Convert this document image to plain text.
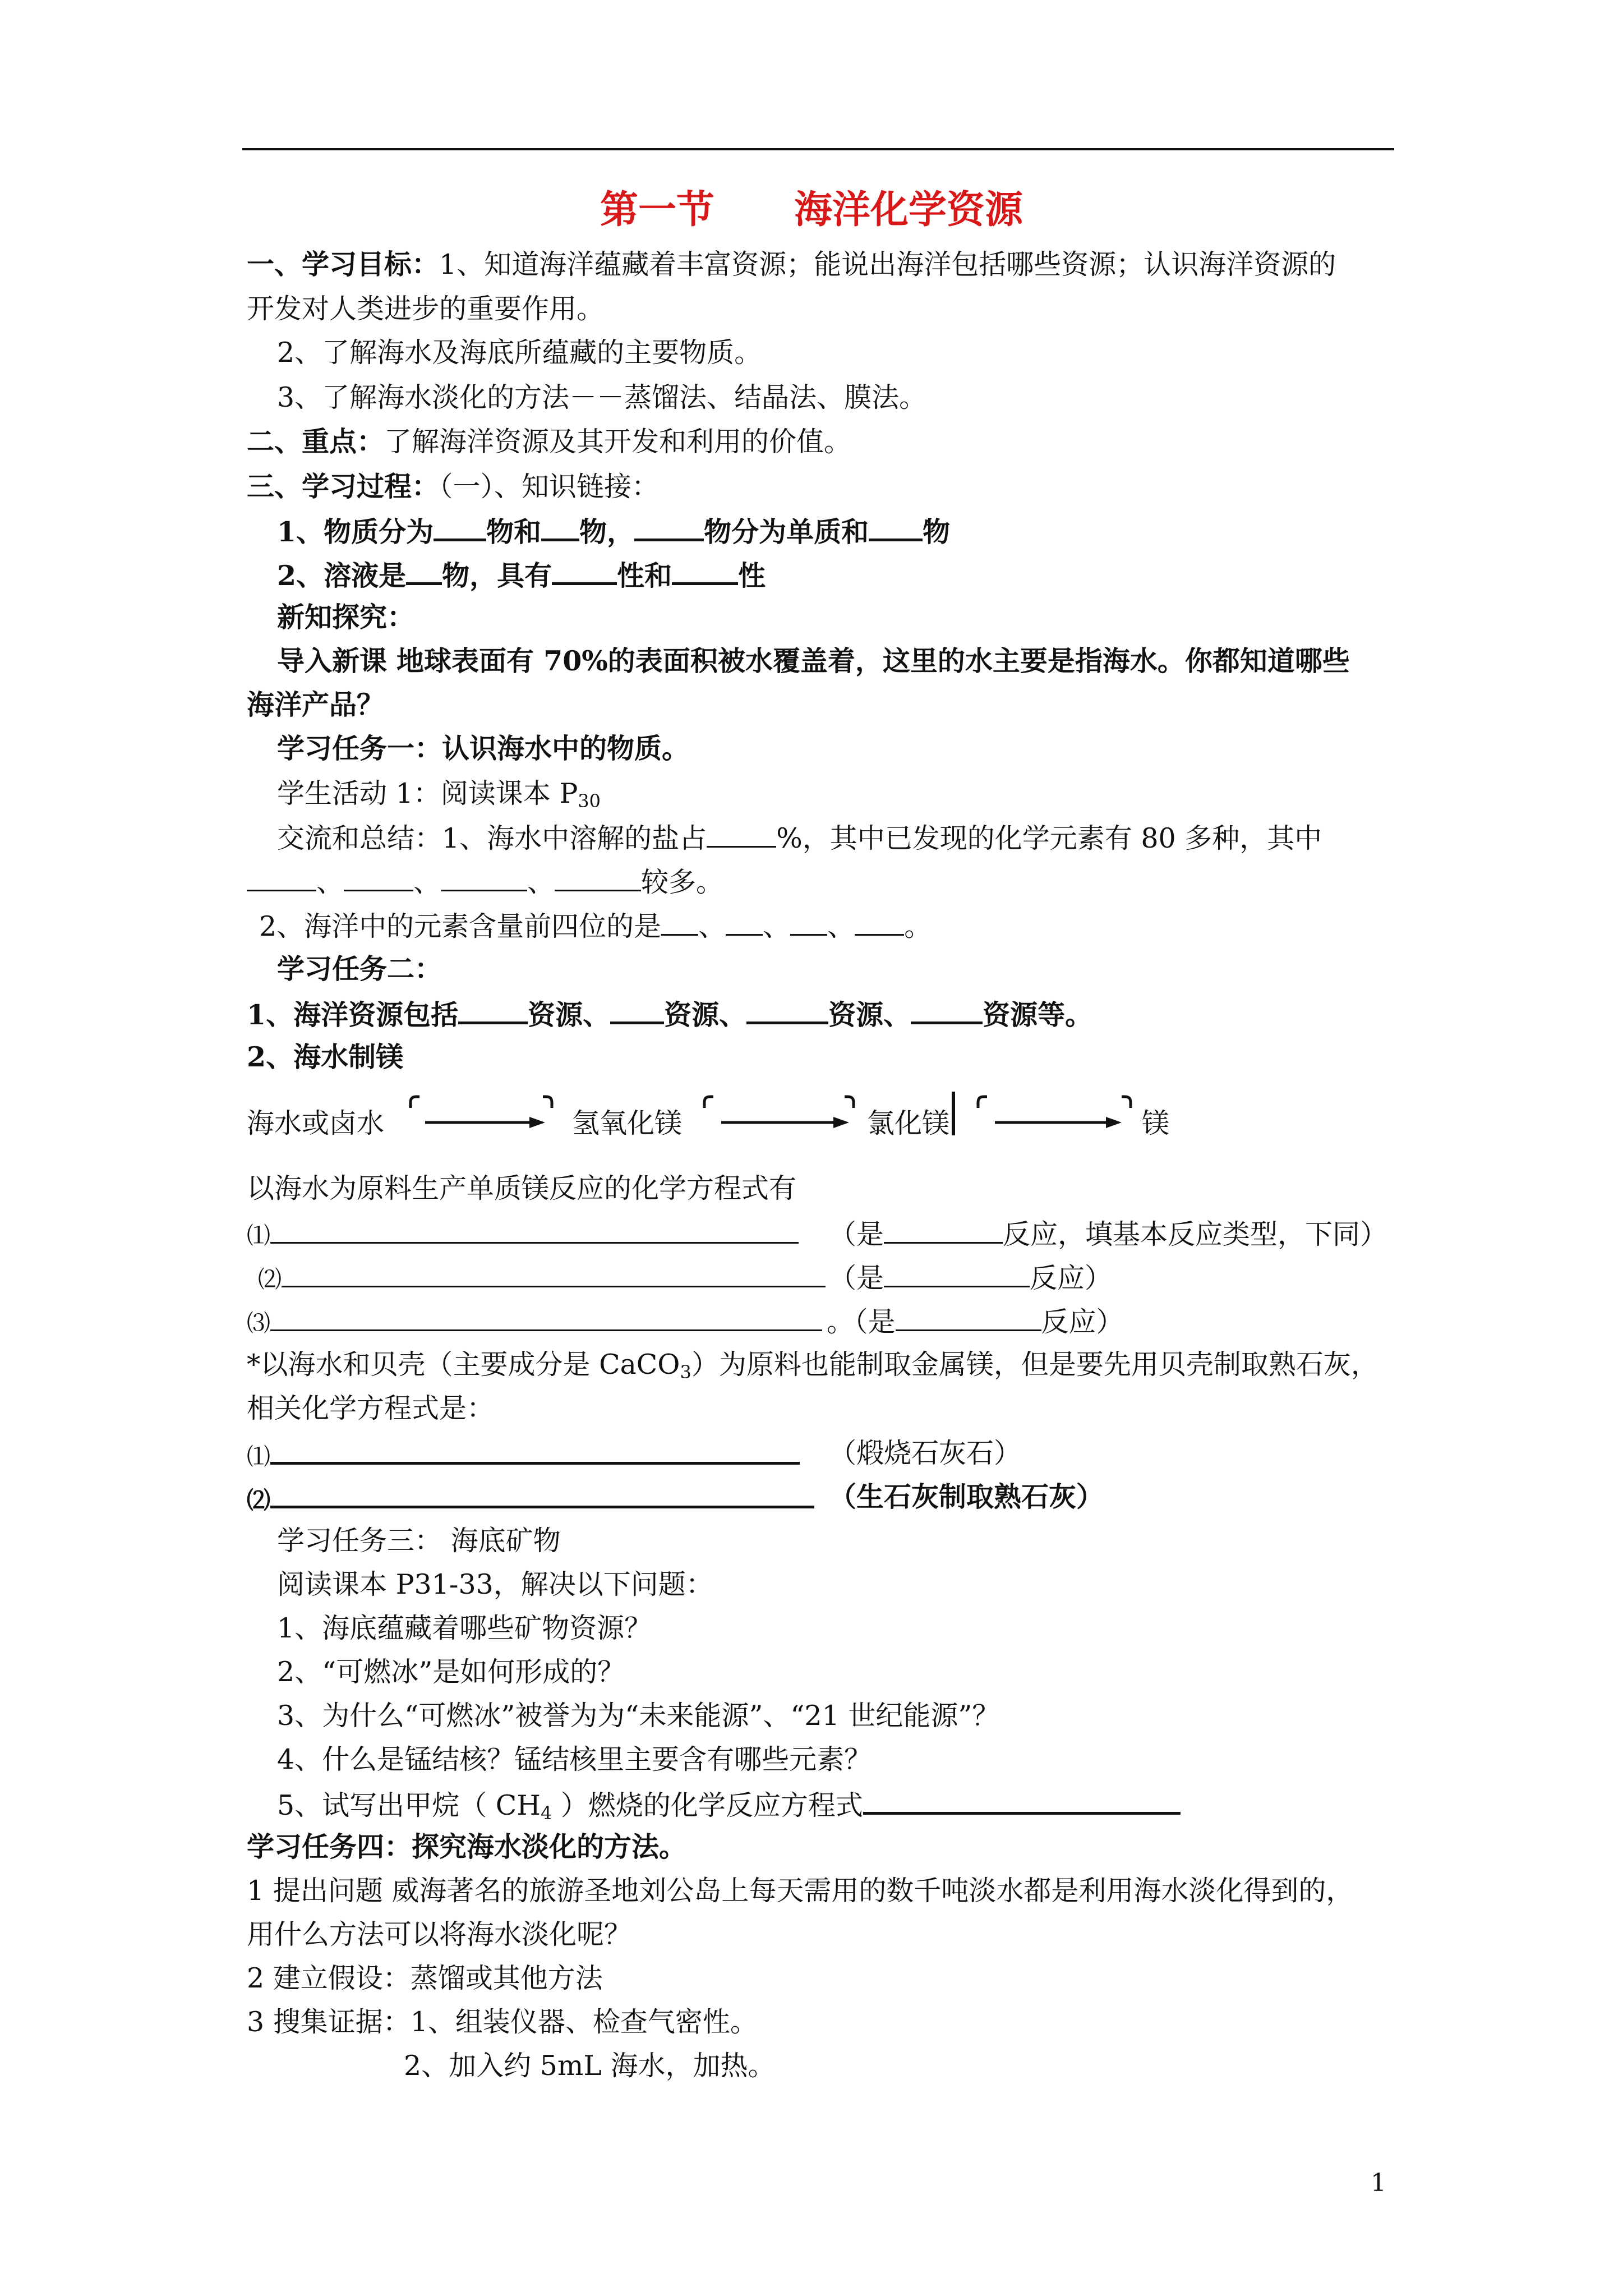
第一节      海洋化学资源
一、学习目标：1、知道海洋蕴藏着丰富资源；能说出海洋包括哪些资源；认识海洋资源的
开发对人类进步的重要作用。
2、了解海水及海底所蕴藏的主要物质。
3、了解海水淡化的方法－－蒸馏法、结晶法、膜法。
二、重点：了解海洋资源及其开发和利用的价值。
三、学习过程：（一）、知识链接：
1、物质分为 物和 物，	物分为单质和 物
2、溶液是 物，具有 性和 性
新知探究：
导入新课 地球表面有 70%的表面积被水覆盖着，这里的水主要是指海水。你都知道哪些
海洋产品？
学习任务一：认识海水中的物质。
学生活动 1：阅读课本 $P_{30}$
交流和总结：1、海水中溶解的盐占	%，其中已发现的化学元素有 80 多种，其中
、	、	、	较多。
2、海洋中的元素含量前四位的是 、 、 、 。
学习任务二：
1、海洋资源包括	资源、 资源、	资源、	资源等。
2、海水制镁
海水或卤水	氢氧化镁	氯化镁	镁
以海水为原料生产单质镁反应的化学方程式有
⑴	（是	反应，填基本反应类型，下同）
⑵	（是	反应）
⑶	。（是	反应）
*以海水和贝壳（主要成分是 CaCO$_3$）为原料也能制取金属镁，但是要先用贝壳制取熟石灰，
相关化学方程式是：
⑴	（煅烧石灰石）
⑵	（生石灰制取熟石灰）
学习任务三： 海底矿物
阅读课本 P31-33，解决以下问题：
1、海底蕴藏着哪些矿物资源？
2、“可燃冰”是如何形成的？
3、为什么“可燃冰”被誉为为“未来能源”、“21 世纪能源”？
4、什么是锰结核？锰结核里主要含有哪些元素？
5、试写出甲烷（ $CH_4$ ）燃烧的化学反应方程式
学习任务四：探究海水淡化的方法。
1 提出问题 威海著名的旅游圣地刘公岛上每天需用的数千吨淡水都是利用海水淡化得到的，
用什么方法可以将海水淡化呢？
2 建立假设：蒸馏或其他方法
3 搜集证据：1、组装仪器、检查气密性。
2、加入约 5mL 海水，加热。
1
